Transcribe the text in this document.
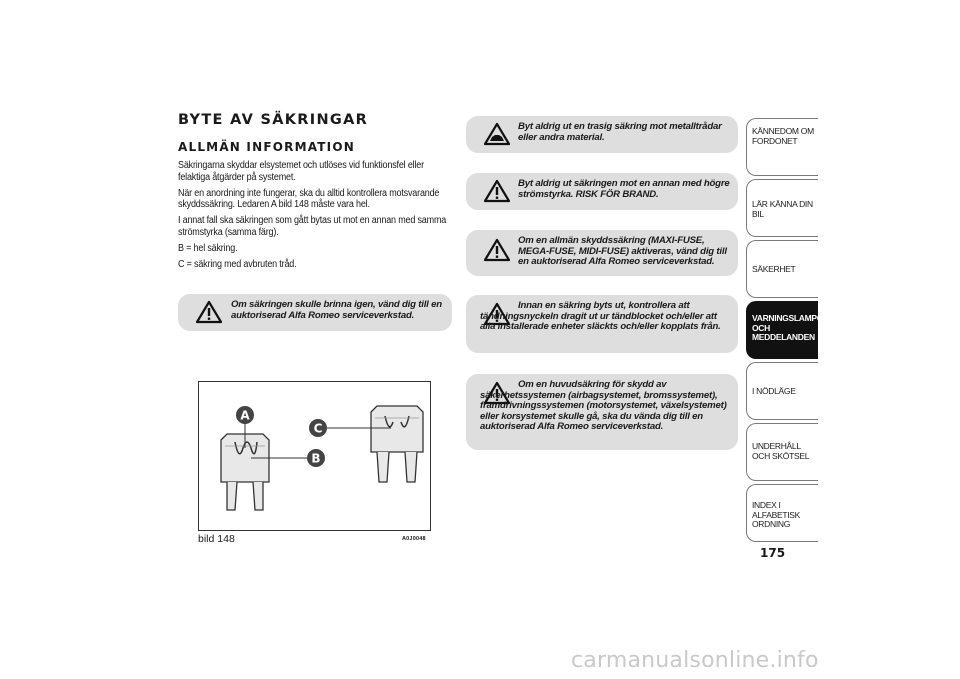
BYTE AV SÄKRINGAR
ALLMÄN INFORMATION

Säkringarna skyddar elsystemet och utlöses vid funktionsfel eller felaktiga åtgärder på systemet.

När en anordning inte fungerar, ska du alltid kontrollera motsvarande skyddssäkring. Ledaren A bild 148 måste vara hel.

I annat fall ska säkringen som gått bytas ut mot en annan med samma strömstyrka (samma färg).

B = hel säkring.

C = säkring med avbruten tråd.

Om säkringen skulle brinna igen, vänd dig till en auktoriserad Alfa Romeo serviceverkstad.
Byt aldrig ut en trasig säkring mot metalltrådar eller andra material.
Byt aldrig ut säkringen mot en annan med högre strömstyrka. RISK FÖR BRAND.
Om en allmän skyddssäkring (MAXI-FUSE, MEGA-FUSE, MIDI-FUSE) aktiveras, vänd dig till en auktoriserad Alfa Romeo serviceverkstad.
Innan en säkring byts ut, kontrollera att tändningsnyckeln dragit ut ur tändblocket och/eller att alla installerade enheter släckts och/eller kopplats från.
Om en huvudsäkring för skydd av säkerhetssystemen (airbagsystemet, bromssystemet), framdrivningssystemen (motorsystemet, växelsystemet) eller korsystemet skulle gå, ska du vända dig till en auktoriserad Alfa Romeo serviceverkstad.
A
C
B
bild 148	A0J0048
KÄNNEDOM OM FORDONET
LÄR KÄNNA DIN BIL
SÄKERHET
VARNINGSLAMPOR OCH MEDDELANDEN
I NÖDLÄGE
UNDERHÅLL OCH SKÖTSEL
INDEX I ALFABETISK ORDNING
175
carmanualsonline.info
